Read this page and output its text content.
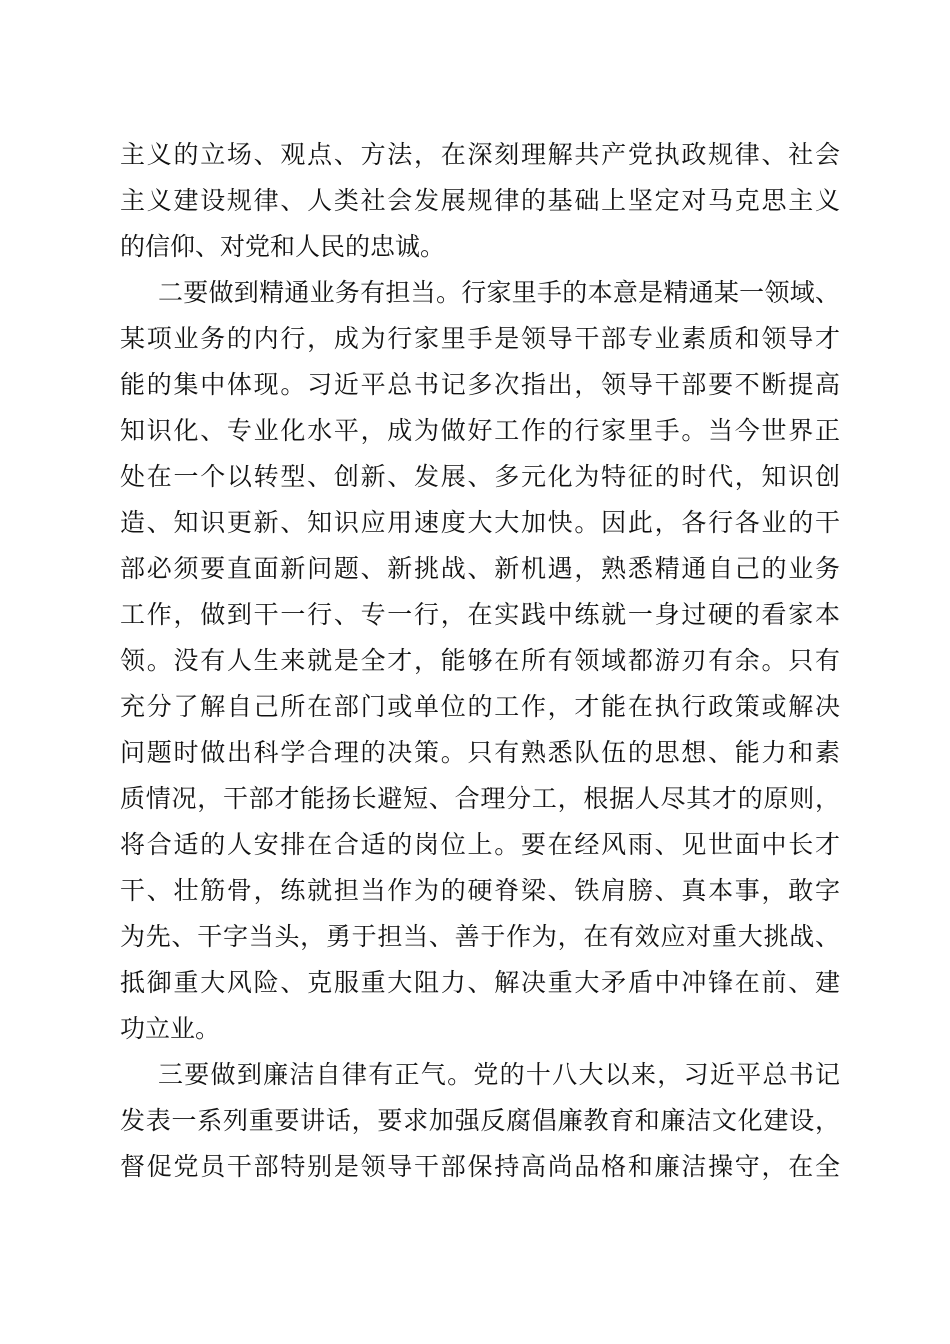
主义的立场、观点、方法，在深刻理解共产党执政规律、社会
主义建设规律、人类社会发展规律的基础上坚定对马克思主义
的信仰、对党和人民的忠诚。
二要做到精通业务有担当。行家里手的本意是精通某一领域、
某项业务的内行，成为行家里手是领导干部专业素质和领导才
能的集中体现。习近平总书记多次指出，领导干部要不断提高
知识化、专业化水平，成为做好工作的行家里手。当今世界正
处在一个以转型、创新、发展、多元化为特征的时代，知识创
造、知识更新、知识应用速度大大加快。因此，各行各业的干
部必须要直面新问题、新挑战、新机遇，熟悉精通自己的业务
工作，做到干一行、专一行，在实践中练就一身过硬的看家本
领。没有人生来就是全才，能够在所有领域都游刃有余。只有
充分了解自己所在部门或单位的工作，才能在执行政策或解决
问题时做出科学合理的决策。只有熟悉队伍的思想、能力和素
质情况，干部才能扬长避短、合理分工，根据人尽其才的原则，
将合适的人安排在合适的岗位上。要在经风雨、见世面中长才
干、壮筋骨，练就担当作为的硬脊梁、铁肩膀、真本事，敢字
为先、干字当头，勇于担当、善于作为，在有效应对重大挑战、
抵御重大风险、克服重大阻力、解决重大矛盾中冲锋在前、建
功立业。
三要做到廉洁自律有正气。党的十八大以来，习近平总书记
发表一系列重要讲话，要求加强反腐倡廉教育和廉洁文化建设，
督促党员干部特别是领导干部保持高尚品格和廉洁操守，在全
